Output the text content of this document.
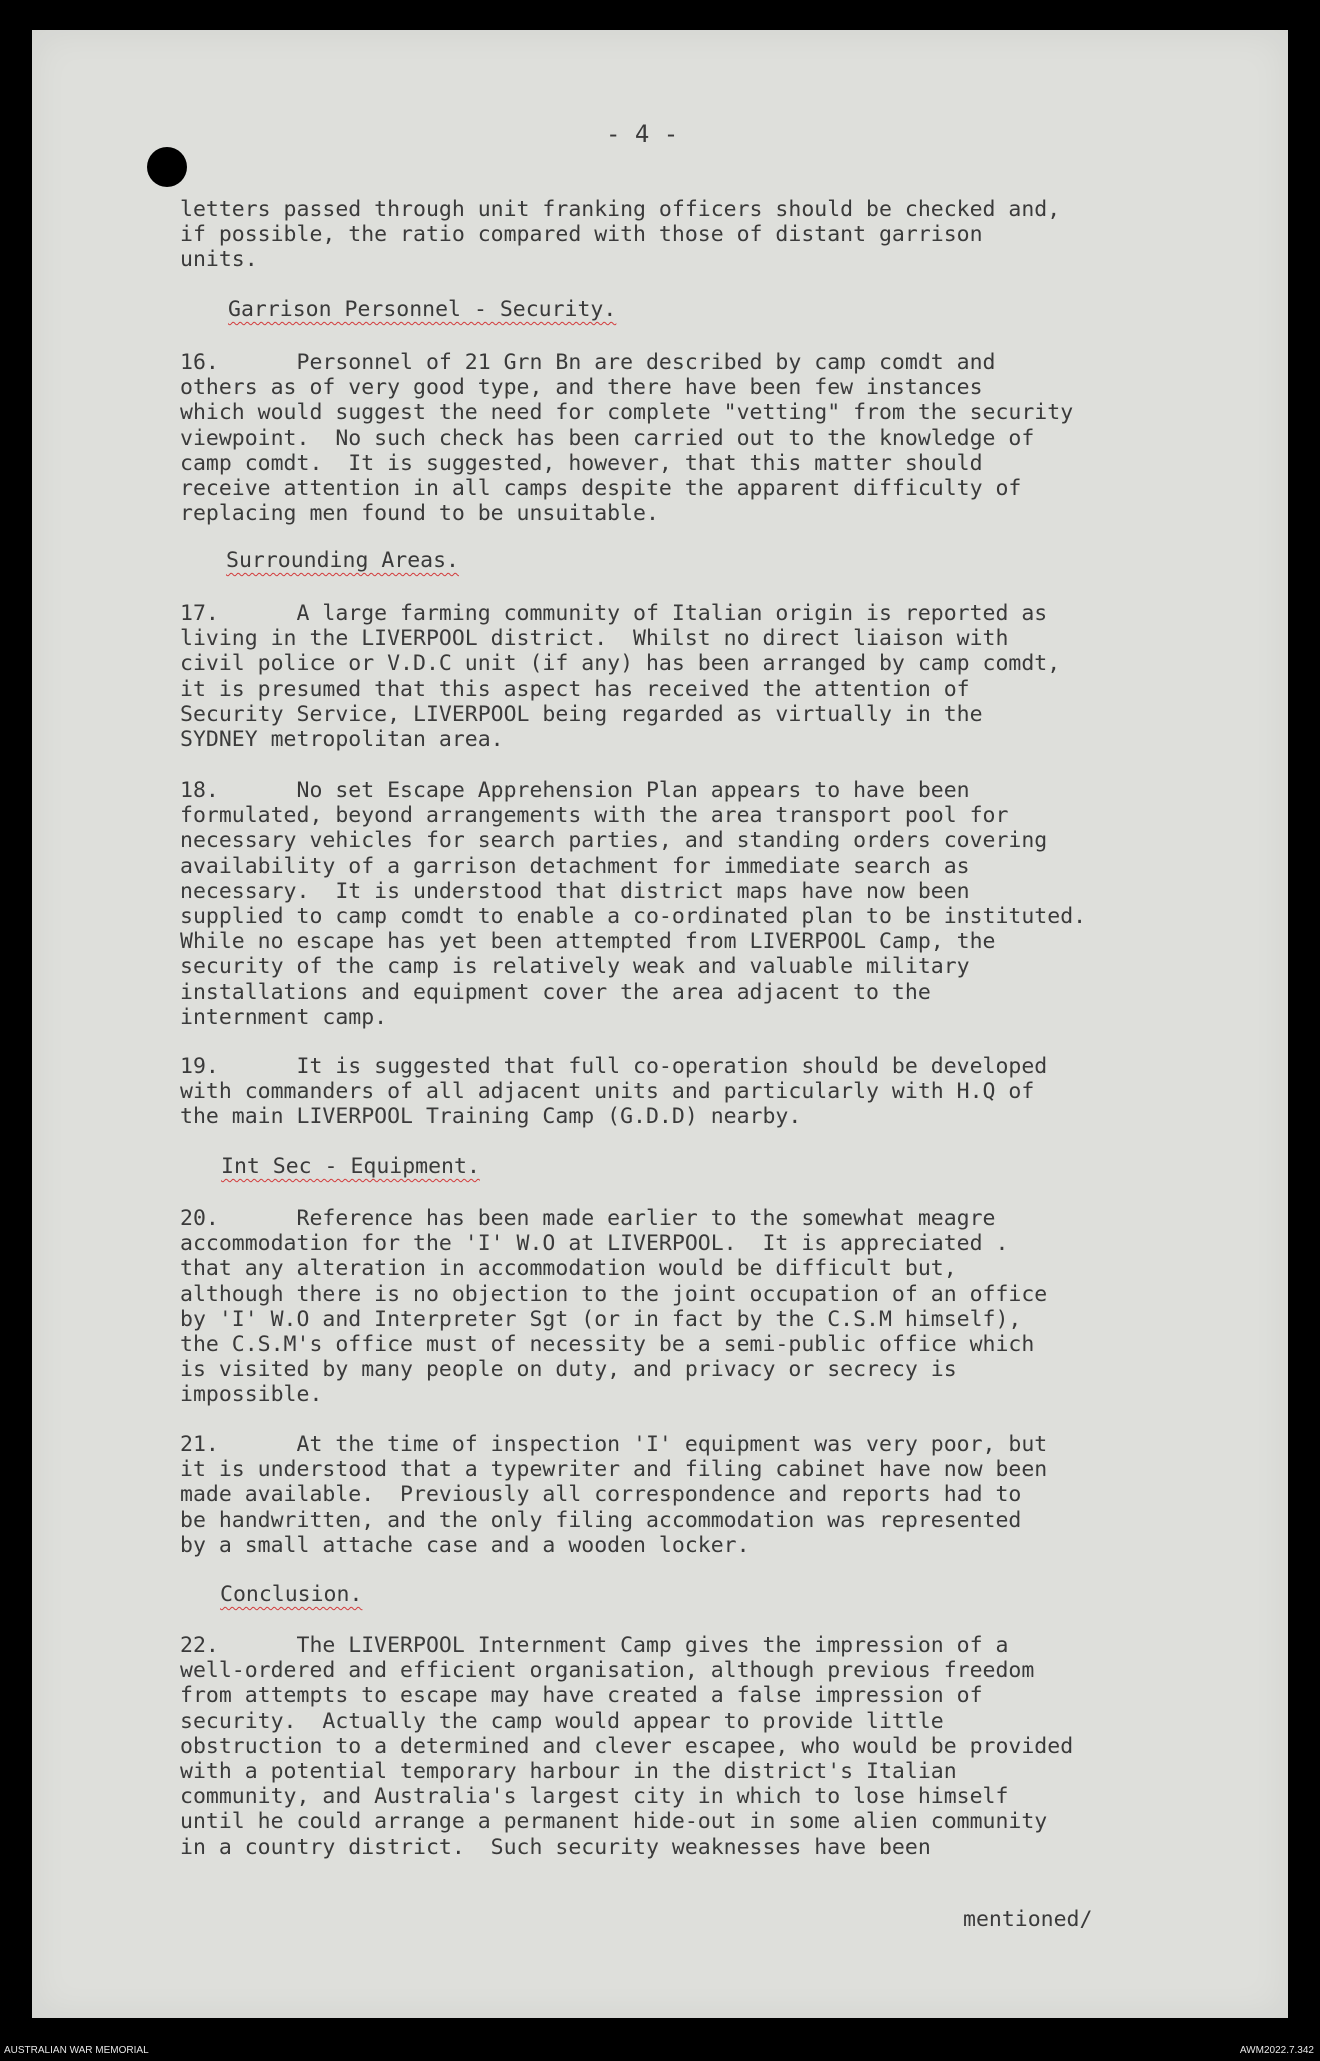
- 4 -
letters passed through unit franking officers should be checked and,
if possible, the ratio compared with those of distant garrison
units.
Garrison Personnel - Security.
16.      Personnel of 21 Grn Bn are described by camp comdt and
others as of very good type, and there have been few instances
which would suggest the need for complete "vetting" from the security
viewpoint.  No such check has been carried out to the knowledge of
camp comdt.  It is suggested, however, that this matter should
receive attention in all camps despite the apparent difficulty of
replacing men found to be unsuitable.
Surrounding Areas.
17.      A large farming community of Italian origin is reported as
living in the LIVERPOOL district.  Whilst no direct liaison with
civil police or V.D.C unit (if any) has been arranged by camp comdt,
it is presumed that this aspect has received the attention of
Security Service, LIVERPOOL being regarded as virtually in the
SYDNEY metropolitan area.
18.      No set Escape Apprehension Plan appears to have been
formulated, beyond arrangements with the area transport pool for
necessary vehicles for search parties, and standing orders covering
availability of a garrison detachment for immediate search as
necessary.  It is understood that district maps have now been
supplied to camp comdt to enable a co-ordinated plan to be instituted.
While no escape has yet been attempted from LIVERPOOL Camp, the
security of the camp is relatively weak and valuable military
installations and equipment cover the area adjacent to the
internment camp.
19.      It is suggested that full co-operation should be developed
with commanders of all adjacent units and particularly with H.Q of
the main LIVERPOOL Training Camp (G.D.D) nearby.
Int Sec - Equipment.
20.      Reference has been made earlier to the somewhat meagre
accommodation for the 'I' W.O at LIVERPOOL.  It is appreciated .
that any alteration in accommodation would be difficult but,
although there is no objection to the joint occupation of an office
by 'I' W.O and Interpreter Sgt (or in fact by the C.S.M himself),
the C.S.M's office must of necessity be a semi-public office which
is visited by many people on duty, and privacy or secrecy is
impossible.
21.      At the time of inspection 'I' equipment was very poor, but
it is understood that a typewriter and filing cabinet have now been
made available.  Previously all correspondence and reports had to
be handwritten, and the only filing accommodation was represented
by a small attache case and a wooden locker.
Conclusion.
22.      The LIVERPOOL Internment Camp gives the impression of a
well-ordered and efficient organisation, although previous freedom
from attempts to escape may have created a false impression of
security.  Actually the camp would appear to provide little
obstruction to a determined and clever escapee, who would be provided
with a potential temporary harbour in the district's Italian
community, and Australia's largest city in which to lose himself
until he could arrange a permanent hide-out in some alien community
in a country district.  Such security weaknesses have been
mentioned/
AUSTRALIAN WAR MEMORIAL	AWM2022.7.342
